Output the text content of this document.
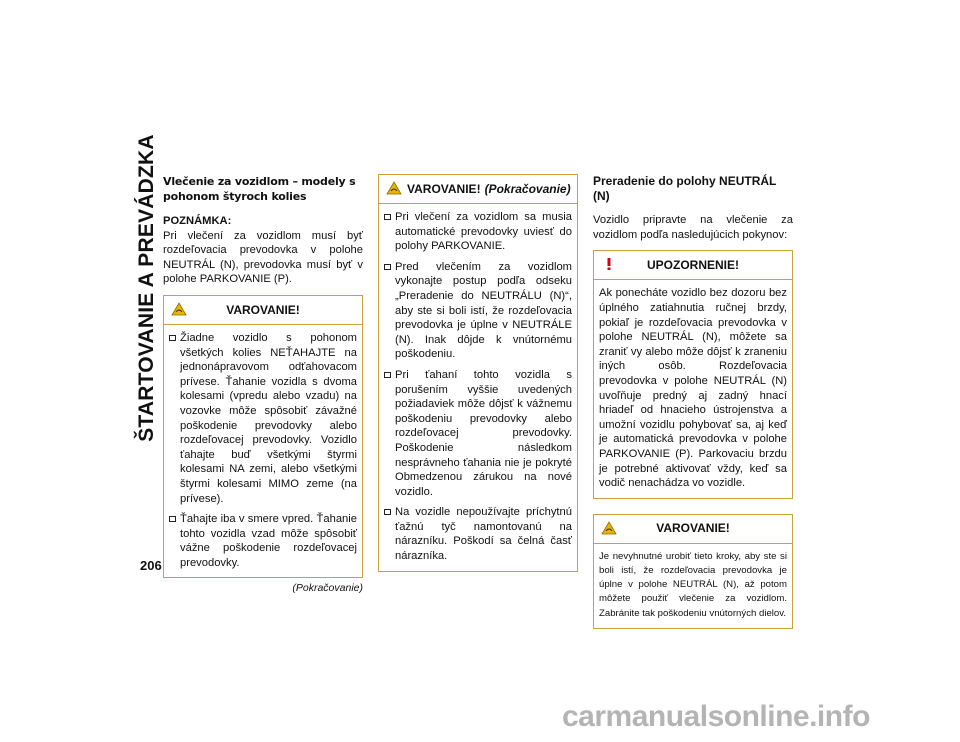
ŠTARTOVANIE A PREVÁDZKA
206

Vlečenie za vozidlom – modely s pohonom štyroch kolies

POZNÁMKA:

Pri vlečení za vozidlom musí byť rozdeľovacia prevodovka v polohe NEUTRÁL (N), prevodovka musí byť v polohe PARKOVANIE (P).

VAROVANIE!
Žiadne vozidlo s pohonom všetkých kolies NEŤAHAJTE na jednonápravovom odťahovacom prívese. Ťahanie vozidla s dvoma kolesami (vpredu alebo vzadu) na vozovke môže spôsobiť závažné poškodenie prevodovky alebo rozdeľovacej prevodovky. Vozidlo ťahajte buď všetkými štyrmi kolesami NA zemi, alebo všetkými štyrmi kolesami MIMO zeme (na prívese).
Ťahajte iba v smere vpred. Ťahanie tohto vozidla vzad môže spôsobiť vážne poškodenie rozdeľovacej prevodovky.
(Pokračovanie)
VAROVANIE! (Pokračovanie)
Pri vlečení za vozidlom sa musia automatické prevodovky uviesť do polohy PARKOVANIE.
Pred vlečením za vozidlom vykonajte postup podľa odseku „Preradenie do NEUTRÁLU (N)“, aby ste si boli istí, že rozdeľovacia prevodovka je úplne v NEUTRÁLE (N). Inak dôjde k vnútornému poškodeniu.
Pri ťahaní tohto vozidla s porušením vyššie uvedených požiadaviek môže dôjsť k vážnemu poškodeniu prevodovky alebo rozdeľovacej prevodovky. Poškodenie následkom nesprávneho ťahania nie je pokryté Obmedzenou zárukou na nové vozidlo.
Na vozidle nepoužívajte príchytnú ťažnú tyč namontovanú na nárazníku. Poškodí sa čelná časť nárazníka.

Preradenie do polohy NEUTRÁL (N)

Vozidlo pripravte na vlečenie za vozidlom podľa nasledujúcich pokynov:

UPOZORNENIE!
Ak ponecháte vozidlo bez dozoru bez úplného zatiahnutia ručnej brzdy, pokiaľ je rozdeľovacia prevodovka v polohe NEUTRÁL (N), môžete sa zraniť vy alebo môže dôjsť k zraneniu iných osôb. Rozdeľovacia prevodovka v polohe NEUTRÁL (N) uvoľňuje predný aj zadný hnací hriadeľ od hnacieho ústrojenstva a umožní vozidlu pohybovať sa, aj keď je automatická prevodovka v polohe PARKOVANIE (P). Parkovaciu brzdu je potrebné aktivovať vždy, keď sa vodič nenachádza vo vozidle.
VAROVANIE!
Je nevyhnutné urobiť tieto kroky, aby ste si boli istí, že rozdeľovacia prevodovka je úplne v polohe NEUTRÁL (N), až potom môžete použiť vlečenie za vozidlom. Zabránite tak poškodeniu vnútorných dielov.
carmanualsonline.info
